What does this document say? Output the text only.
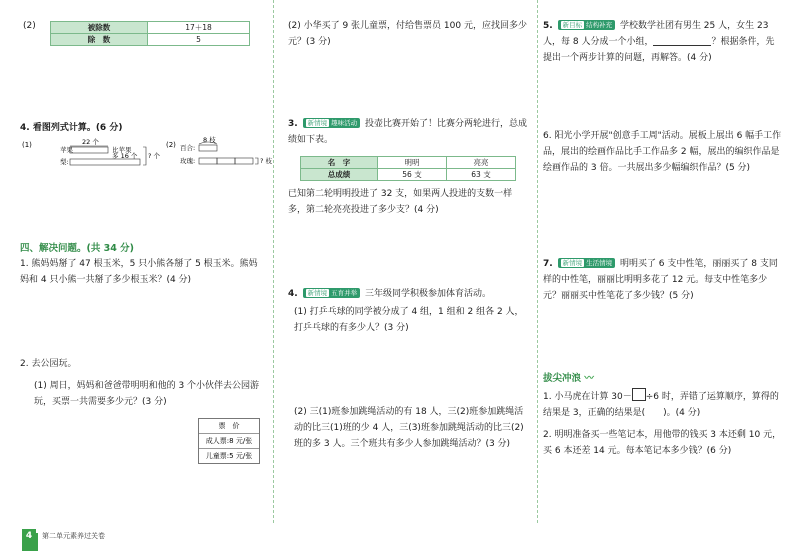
(2)	被除数	17＋18
除　数	5
4. 看图列式计算。(6 分)
(1)	22 个
苹果	比苹果
梨:
多 16 个 ? 个
(2)
8 枝
百合:
玫瑰:	? 枝
四、解决问题。(共 34 分)
1. 熊妈妈掰了 47 根玉米，5 只小熊各掰了 5 根玉米。熊妈妈和 4 只小熊一共掰了多少根玉米？(4 分)
2. 去公园玩。
(1) 周日，妈妈和爸爸带明明和他的 3 个小伙伴去公园游玩，买票一共需要多少元？(3 分)
票　价
成人票:8 元/张
儿童票:5 元/张
(2) 小华买了 9 张儿童票，付给售票员 100 元，应找回多少元？(3 分)
3. 新情境 趣味活动 投壶比赛开始了！比赛分两轮进行，总成绩如下表。
名　字	明明	亮亮
总成绩	56 支	63 支
已知第二轮明明投进了 32 支，如果两人投进的支数一样多，第二轮亮亮投进了多少支？(4 分)
4. 新情境 五育并举 三年级同学积极参加体育活动。
(1) 打乒乓球的同学被分成了 4 组，1 组和 2 组各 2 人，打乒乓球的有多少人？(3 分)
(2) 三(1)班参加跳绳活动的有 18 人，三(2)班参加跳绳活动的比三(1)班的少 4 人，三(3)班参加跳绳活动的比三(2)班的多 3 人。三个班共有多少人参加跳绳活动？(3 分)
5. 新目标 结构补充 学校数学社团有男生 25 人，女生 23 人，每 8 人分成一个小组，	？根据条件，先提出一个两步计算的问题，再解答。(4 分)
6. 阳光小学开展"创意手工周"活动。展板上展出 6 幅手工作品，展出的绘画作品比手工作品多 2 幅，展出的编织作品是绘画作品的 3 倍。一共展出多少幅编织作品？(5 分)
7. 新情境 生活情境 明明买了 6 支中性笔，丽丽买了 8 支同样的中性笔，丽丽比明明多花了 12 元。每支中性笔多少元？丽丽买中性笔花了多少钱？(5 分)
拔尖冲浪 〰
1. 小马虎在计算 30－ ÷6 时，弄错了运算顺序，算得的结果是 3，正确的结果是(　　)。(4 分)
2. 明明准备买一些笔记本，用他带的钱买 3 本还剩 10 元，买 6 本还差 14 元。每本笔记本多少钱？(6 分)
4	第二单元素养过关卷
